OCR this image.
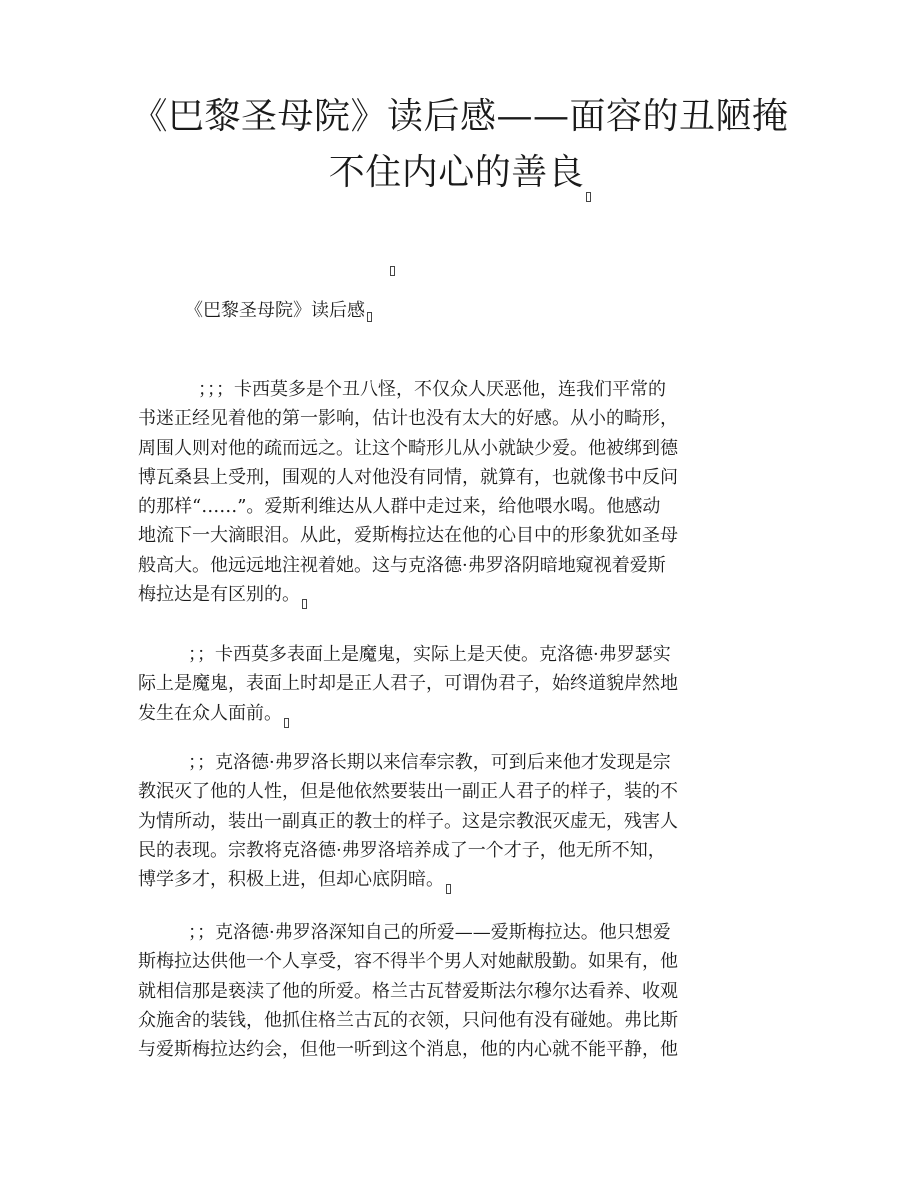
《巴黎圣母院》读后感——面容的丑陋掩
不住内心的善良

《巴黎圣母院》读后感

；；；卡西莫多是个丑八怪，不仅众人厌恶他，连我们平常的
书迷正经见着他的第一影响，估计也没有太大的好感。从小的畸形，
周围人则对他的疏而远之。让这个畸形儿从小就缺少爱。他被绑到德
博瓦桑县上受刑，围观的人对他没有同情，就算有，也就像书中反问
的那样“……”。爱斯利维达从人群中走过来，给他喂水喝。他感动
地流下一大滴眼泪。从此，爱斯梅拉达在他的心目中的形象犹如圣母
般高大。他远远地注视着她。这与克洛德·弗罗洛阴暗地窥视着爱斯
梅拉达是有区别的。

；；卡西莫多表面上是魔鬼，实际上是天使。克洛德·弗罗瑟实
际上是魔鬼，表面上时却是正人君子，可谓伪君子，始终道貌岸然地
发生在众人面前。

；；克洛德·弗罗洛长期以来信奉宗教，可到后来他才发现是宗
教泯灭了他的人性，但是他依然要装出一副正人君子的样子，装的不
为情所动，装出一副真正的教士的样子。这是宗教泯灭虚无，残害人
民的表现。宗教将克洛德·弗罗洛培养成了一个才子，他无所不知，
博学多才，积极上进，但却心底阴暗。

；；克洛德·弗罗洛深知自己的所爱——爱斯梅拉达。他只想爱
斯梅拉达供他一个人享受，容不得半个男人对她献殷勤。如果有，他
就相信那是亵渎了他的所爱。格兰古瓦替爱斯法尔穆尔达看养、收观
众施舍的装钱，他抓住格兰古瓦的衣领，只问他有没有碰她。弗比斯
与爱斯梅拉达约会，但他一听到这个消息，他的内心就不能平静，他
